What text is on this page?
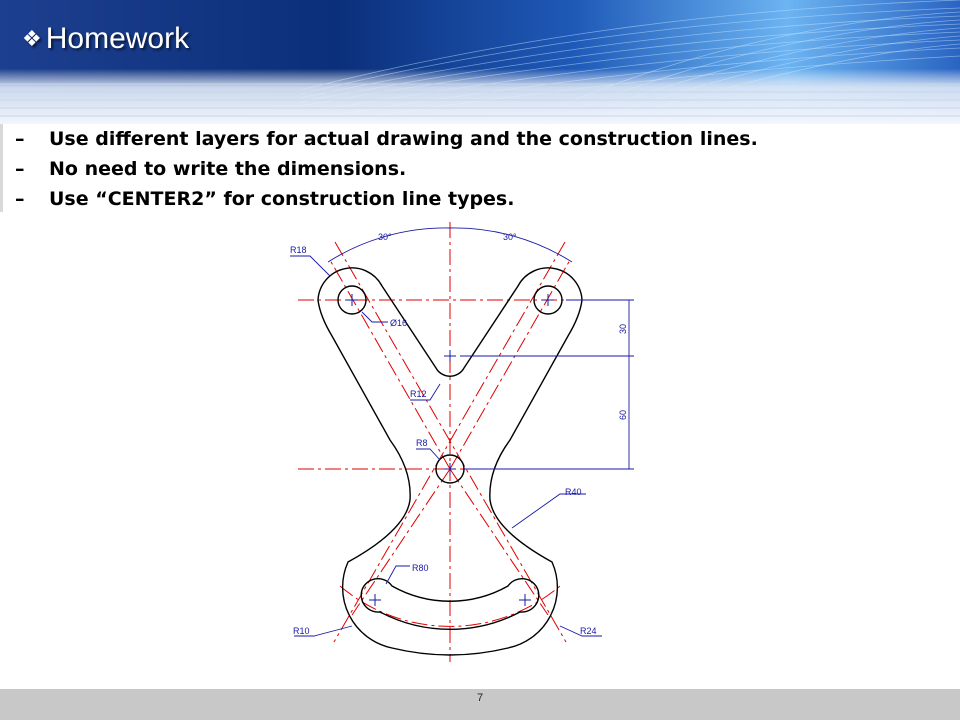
❖ Homework
–	Use different layers for actual drawing and the construction lines.
–	No need to write the dimensions.
–	Use “CENTER2” for construction line types.
30°	30°
R18
Ø16
R12
R8
R40
R80
R10	R24
30
60
7
